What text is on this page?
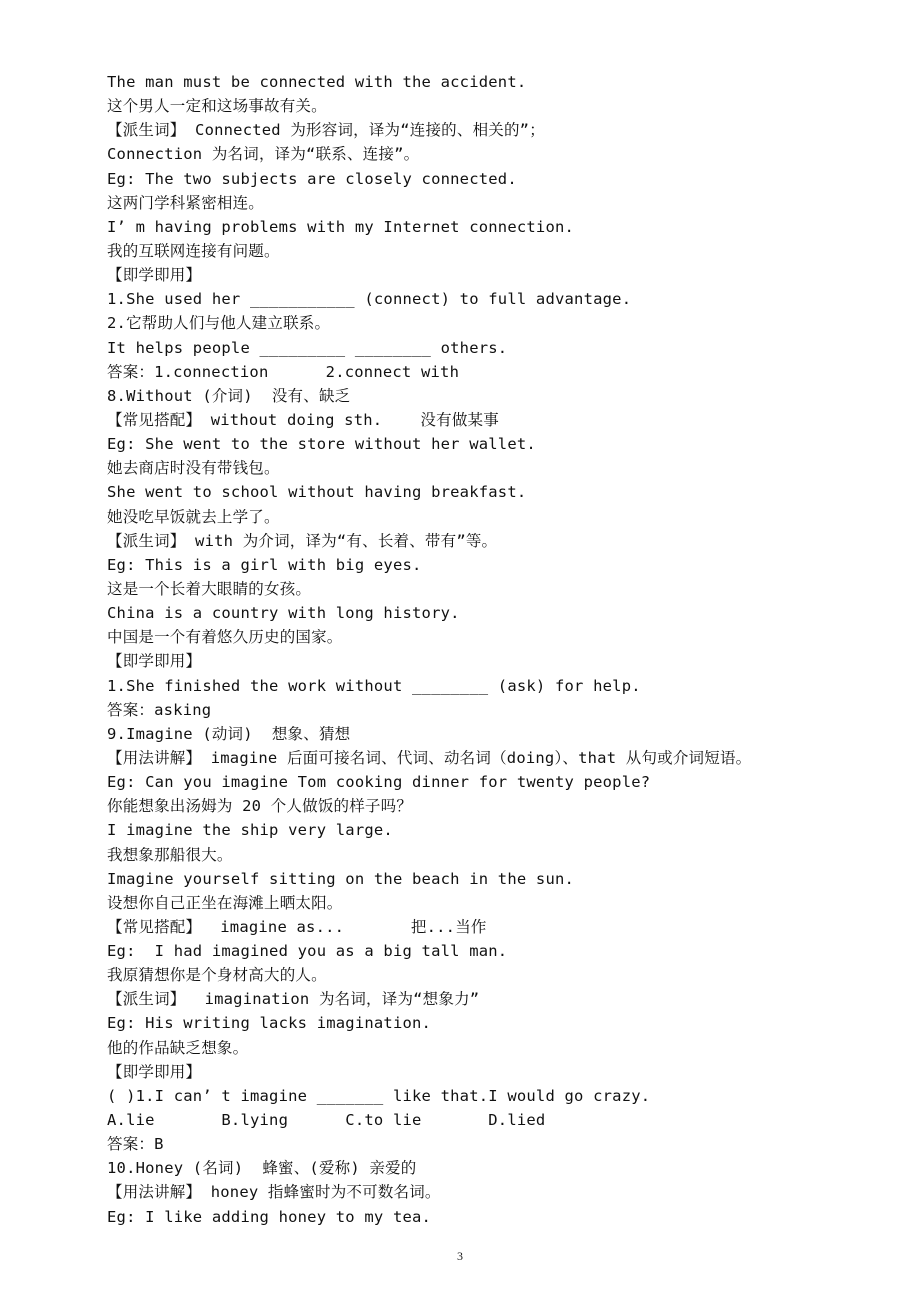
The man must be connected with the accident.
这个男人一定和这场事故有关。
【派生词】 Connected 为形容词，译为“连接的、相关的”；
Connection 为名词，译为“联系、连接”。
Eg: The two subjects are closely connected.
这两门学科紧密相连。
I’ m having problems with my Internet connection.
我的互联网连接有问题。
【即学即用】
1.She used her ___________ (connect) to full advantage.
2.它帮助人们与他人建立联系。
It helps people _________ ________ others.
答案：1.connection      2.connect with
8.Without (介词)  没有、缺乏
【常见搭配】 without doing sth.    没有做某事
Eg: She went to the store without her wallet.
她去商店时没有带钱包。
She went to school without having breakfast.
她没吃早饭就去上学了。
【派生词】 with 为介词，译为“有、长着、带有”等。
Eg: This is a girl with big eyes.
这是一个长着大眼睛的女孩。
China is a country with long history.
中国是一个有着悠久历史的国家。
【即学即用】
1.She finished the work without ________ (ask) for help.
答案：asking
9.Imagine (动词)  想象、猜想
【用法讲解】 imagine 后面可接名词、代词、动名词（doing）、that 从句或介词短语。
Eg: Can you imagine Tom cooking dinner for twenty people?
你能想象出汤姆为 20 个人做饭的样子吗？
I imagine the ship very large.
我想象那船很大。
Imagine yourself sitting on the beach in the sun.
设想你自己正坐在海滩上晒太阳。
【常见搭配】  imagine as...       把...当作
Eg:  I had imagined you as a big tall man.
我原猜想你是个身材高大的人。
【派生词】  imagination 为名词，译为“想象力”
Eg: His writing lacks imagination.
他的作品缺乏想象。
【即学即用】
( )1.I can’ t imagine _______ like that.I would go crazy.
A.lie       B.lying      C.to lie       D.lied
答案：B
10.Honey (名词)  蜂蜜、(爱称) 亲爱的
【用法讲解】 honey 指蜂蜜时为不可数名词。
Eg: I like adding honey to my tea.
3
